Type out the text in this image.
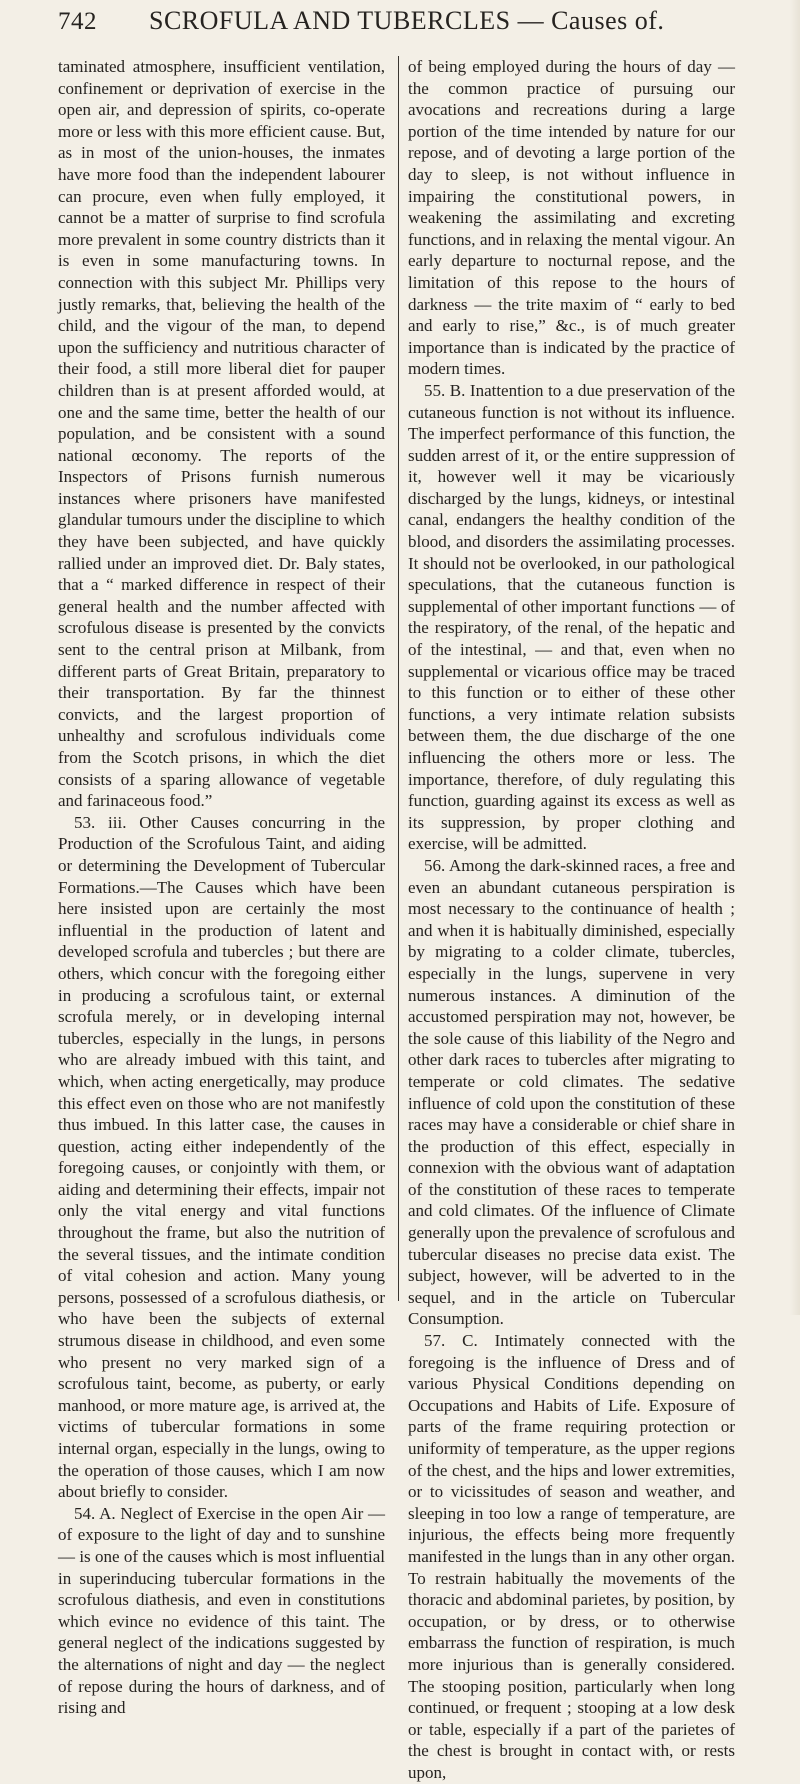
742 SCROFULA AND TUBERCLES — Causes of.

taminated atmosphere, insufficient ventilation, confinement or deprivation of exercise in the open air, and depression of spirits, co-operate more or less with this more efficient cause. But, as in most of the union-houses, the inmates have more food than the independent labourer can procure, even when fully employed, it cannot be a matter of surprise to find scrofula more prevalent in some country districts than it is even in some manufacturing towns. In connection with this subject Mr. Phillips very justly remarks, that, believing the health of the child, and the vigour of the man, to depend upon the sufficiency and nutritious character of their food, a still more liberal diet for pauper children than is at present afforded would, at one and the same time, better the health of our population, and be consistent with a sound national œconomy. The reports of the Inspectors of Prisons furnish numerous instances where prisoners have manifested glandular tumours under the discipline to which they have been subjected, and have quickly rallied under an improved diet. Dr. Baly states, that a “ marked difference in respect of their general health and the number affected with scrofulous disease is presented by the convicts sent to the central prison at Milbank, from different parts of Great Britain, preparatory to their transportation. By far the thinnest convicts, and the largest proportion of unhealthy and scrofulous individuals come from the Scotch prisons, in which the diet consists of a sparing allowance of vegetable and farinaceous food.”

53. iii. Other Causes concurring in the Production of the Scrofulous Taint, and aiding or determining the Development of Tubercular Formations.—The Causes which have been here insisted upon are certainly the most influential in the production of latent and developed scrofula and tubercles ; but there are others, which concur with the foregoing either in producing a scrofulous taint, or external scrofula merely, or in developing internal tubercles, especially in the lungs, in persons who are already imbued with this taint, and which, when acting energetically, may produce this effect even on those who are not manifestly thus imbued. In this latter case, the causes in question, acting either independently of the foregoing causes, or conjointly with them, or aiding and determining their effects, impair not only the vital energy and vital functions throughout the frame, but also the nutrition of the several tissues, and the intimate condition of vital cohesion and action. Many young persons, possessed of a scrofulous diathesis, or who have been the subjects of external strumous disease in childhood, and even some who present no very marked sign of a scrofulous taint, become, as puberty, or early manhood, or more mature age, is arrived at, the victims of tubercular formations in some internal organ, especially in the lungs, owing to the operation of those causes, which I am now about briefly to consider.

54. A. Neglect of Exercise in the open Air — of exposure to the light of day and to sunshine — is one of the causes which is most influential in superinducing tubercular formations in the scrofulous diathesis, and even in constitutions which evince no evidence of this taint. The general neglect of the indications suggested by the alternations of night and day — the neglect of repose during the hours of darkness, and of rising and

of being employed during the hours of day — the common practice of pursuing our avocations and recreations during a large portion of the time intended by nature for our repose, and of devoting a large portion of the day to sleep, is not without influence in impairing the constitutional powers, in weakening the assimilating and excreting functions, and in relaxing the mental vigour. An early departure to nocturnal repose, and the limitation of this repose to the hours of darkness — the trite maxim of “ early to bed and early to rise,” &c., is of much greater importance than is indicated by the practice of modern times.

55. B. Inattention to a due preservation of the cutaneous function is not without its influence. The imperfect performance of this function, the sudden arrest of it, or the entire suppression of it, however well it may be vicariously discharged by the lungs, kidneys, or intestinal canal, endangers the healthy condition of the blood, and disorders the assimilating processes. It should not be overlooked, in our pathological speculations, that the cutaneous function is supplemental of other important functions — of the respiratory, of the renal, of the hepatic and of the intestinal, — and that, even when no supplemental or vicarious office may be traced to this function or to either of these other functions, a very intimate relation subsists between them, the due discharge of the one influencing the others more or less. The importance, therefore, of duly regulating this function, guarding against its excess as well as its suppression, by proper clothing and exercise, will be admitted.

56. Among the dark-skinned races, a free and even an abundant cutaneous perspiration is most necessary to the continuance of health ; and when it is habitually diminished, especially by migrating to a colder climate, tubercles, especially in the lungs, supervene in very numerous instances. A diminution of the accustomed perspiration may not, however, be the sole cause of this liability of the Negro and other dark races to tubercles after migrating to temperate or cold climates. The sedative influence of cold upon the constitution of these races may have a considerable or chief share in the production of this effect, especially in connexion with the obvious want of adaptation of the constitution of these races to temperate and cold climates. Of the influence of Climate generally upon the prevalence of scrofulous and tubercular diseases no precise data exist. The subject, however, will be adverted to in the sequel, and in the article on Tubercular Consumption.

57. C. Intimately connected with the foregoing is the influence of Dress and of various Physical Conditions depending on Occupations and Habits of Life. Exposure of parts of the frame requiring protection or uniformity of temperature, as the upper regions of the chest, and the hips and lower extremities, or to vicissitudes of season and weather, and sleeping in too low a range of temperature, are injurious, the effects being more frequently manifested in the lungs than in any other organ. To restrain habitually the movements of the thoracic and abdominal parietes, by position, by occupation, or by dress, or to otherwise embarrass the function of respiration, is much more injurious than is generally considered. The stooping position, particularly when long continued, or frequent ; stooping at a low desk or table, especially if a part of the parietes of the chest is brought in contact with, or rests upon,
